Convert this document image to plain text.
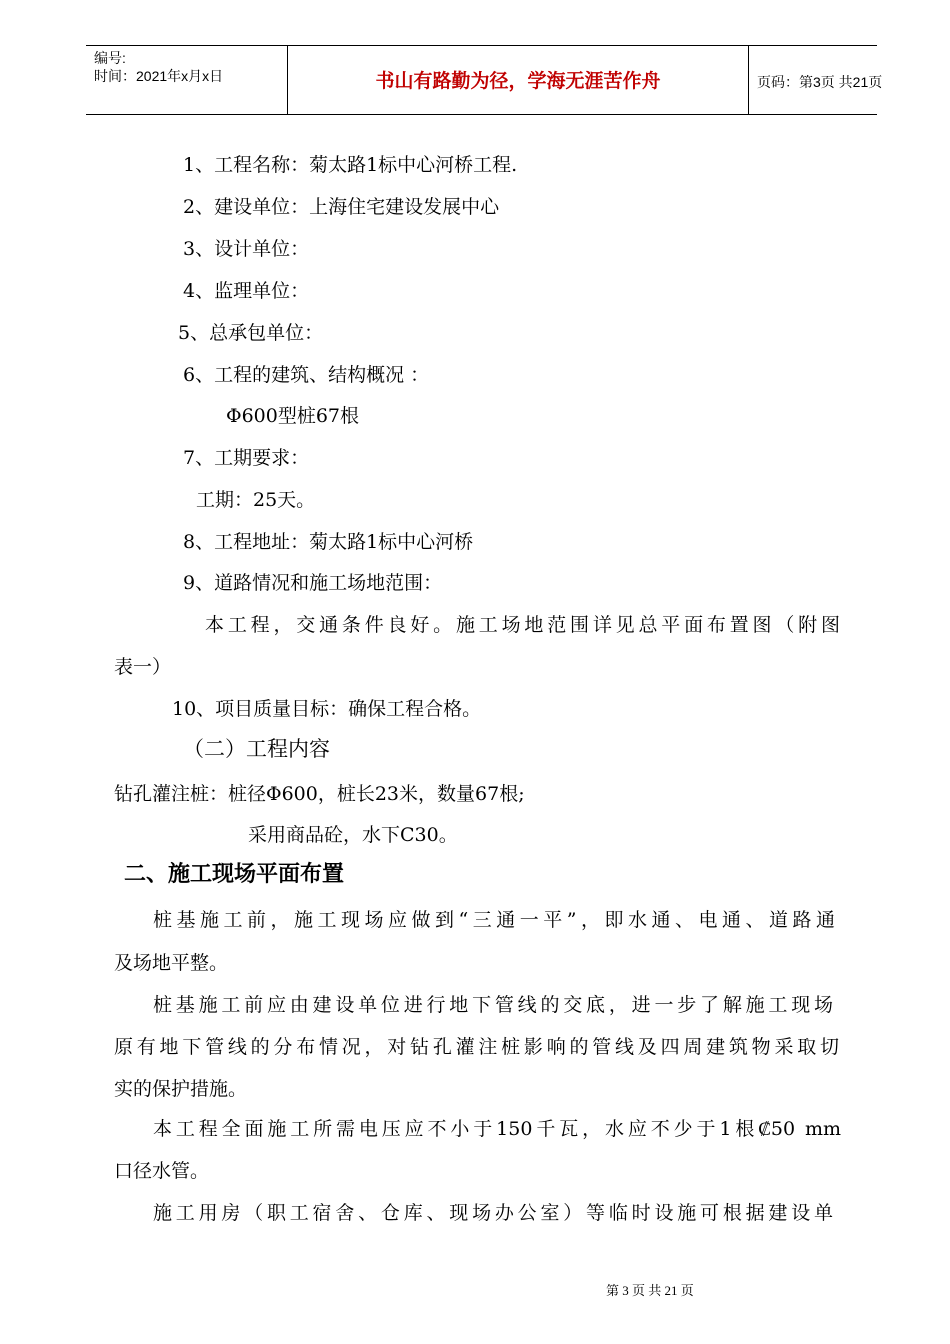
编号:
时间：2021年x月x日	书山有路勤为径，学海无涯苦作舟	页码：第3页 共21页
1、工程名称：菊太路1标中心河桥工程.
2、建设单位：上海住宅建设发展中心
3、设计单位：
4、监理单位：
5、总承包单位：
6、工程的建筑、结构概况 ：
Φ600型桩67根
7、工期要求：
工期：25天。
8、工程地址：菊太路1标中心河桥
9、道路情况和施工场地范围：
本工程，交通条件良好。施工场地范围详见总平面布置图（附图
表一）
10、项目质量目标：确保工程合格。
（二）工程内容
钻孔灌注桩：桩径Φ600，桩长23米，数量67根;
采用商品砼，水下C30。
二、施工现场平面布置
桩基施工前，施工现场应做到“三通一平”，即水通、电通、道路通
及场地平整。
桩基施工前应由建设单位进行地下管线的交底，进一步了解施工现场
原有地下管线的分布情况，对钻孔灌注桩影响的管线及四周建筑物采取切
实的保护措施。
本工程全面施工所需电压应不小于150千瓦，水应不少于1根₡50 mm
口径水管。
施工用房（职工宿舍、仓库、现场办公室）等临时设施可根据建设单
第 3 页 共 21 页
